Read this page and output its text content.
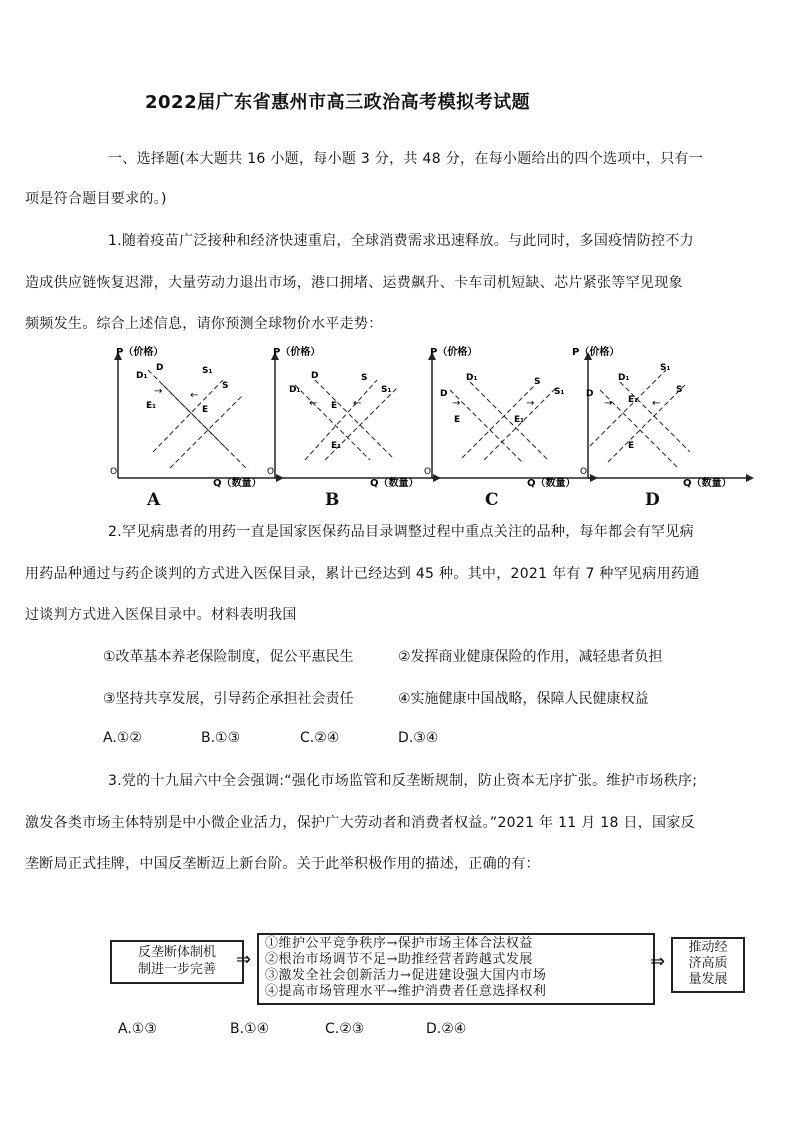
2022届广东省惠州市高三政治高考模拟考试题
一、选择题(本大题共 16 小题，每小题 3 分，共 48 分，在每小题给出的四个选项中，只有一
项是符合题目要求的。)
1.随着疫苗广泛接种和经济快速重启，全球消费需求迅速释放。与此同时，多国疫情防控不力
造成供应链恢复迟滞，大量劳动力退出市场，港口拥堵、运费飙升、卡车司机短缺、芯片紧张等罕见现象
频频发生。综合上述信息，请你预测全球物价水平走势：
P（价格）
Q（数量）
O
D₁
D	S₁
S
E₁	E
→	←
P（价格）
Q（数量）
O
D₁
D
S₁
S
E₁
E
←	←
P（价格）
Q（数量）
O
D
D₁	S
S₁
E	E₁
→	→
P（价格）
Q（数量）
O
D
D₁
S₁
S
E₁
E
→	←
A	B	C	D
2.罕见病患者的用药一直是国家医保药品目录调整过程中重点关注的品种，每年都会有罕见病
用药品种通过与药企谈判的方式进入医保目录，累计已经达到 45 种。其中，2021 年有 7 种罕见病用药通
过谈判方式进入医保目录中。材料表明我国
①改革基本养老保险制度，促公平惠民生	②发挥商业健康保险的作用，减轻患者负担
③坚持共享发展，引导药企承担社会责任	④实施健康中国战略，保障人民健康权益
A.①②	B.①③	C.②④	D.③④
3.党的十九届六中全会强调:“强化市场监管和反垄断规制，防止资本无序扩张。维护市场秩序;
激发各类市场主体特别是中小微企业活力，保护广大劳动者和消费者权益。”2021 年 11 月 18 日，国家反
垄断局正式挂牌，中国反垄断迈上新台阶。关于此举积极作用的描述，正确的有：
反垄断体制机
制进一步完善	⇒
①维护公平竞争秩序→保护市场主体合法权益
②根治市场调节不足→助推经营者跨越式发展
③激发全社会创新活力→促进建设强大国内市场
④提高市场管理水平→维护消费者任意选择权利
⇒
推动经
济高质
量发展
A.①③	B.①④	C.②③	D.②④
